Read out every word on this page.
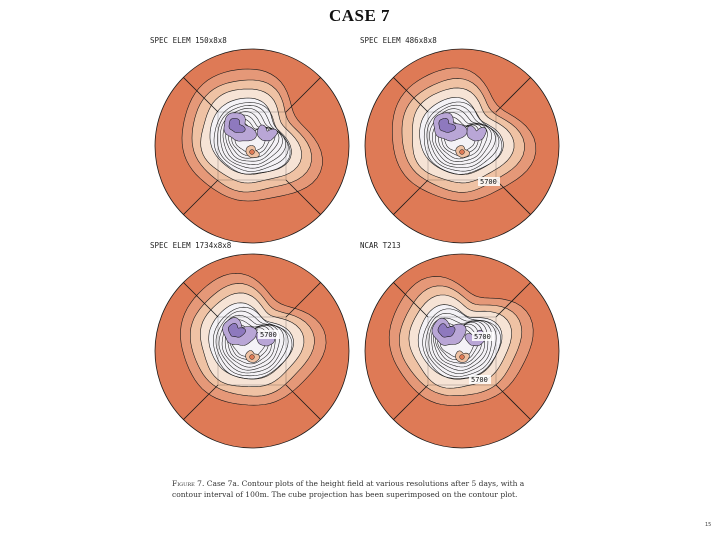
CASE 7
SPEC ELEM 150x8x8	SPEC ELEM 486x8x8
5700
SPEC ELEM 1734x8x8
5700
NCAR T213
5700
5700
Figure 7. Case 7a. Contour plots of the height field at various resolutions after 5 days, with a contour interval of 100m. The cube projection has been superimposed on the contour plot.
15
